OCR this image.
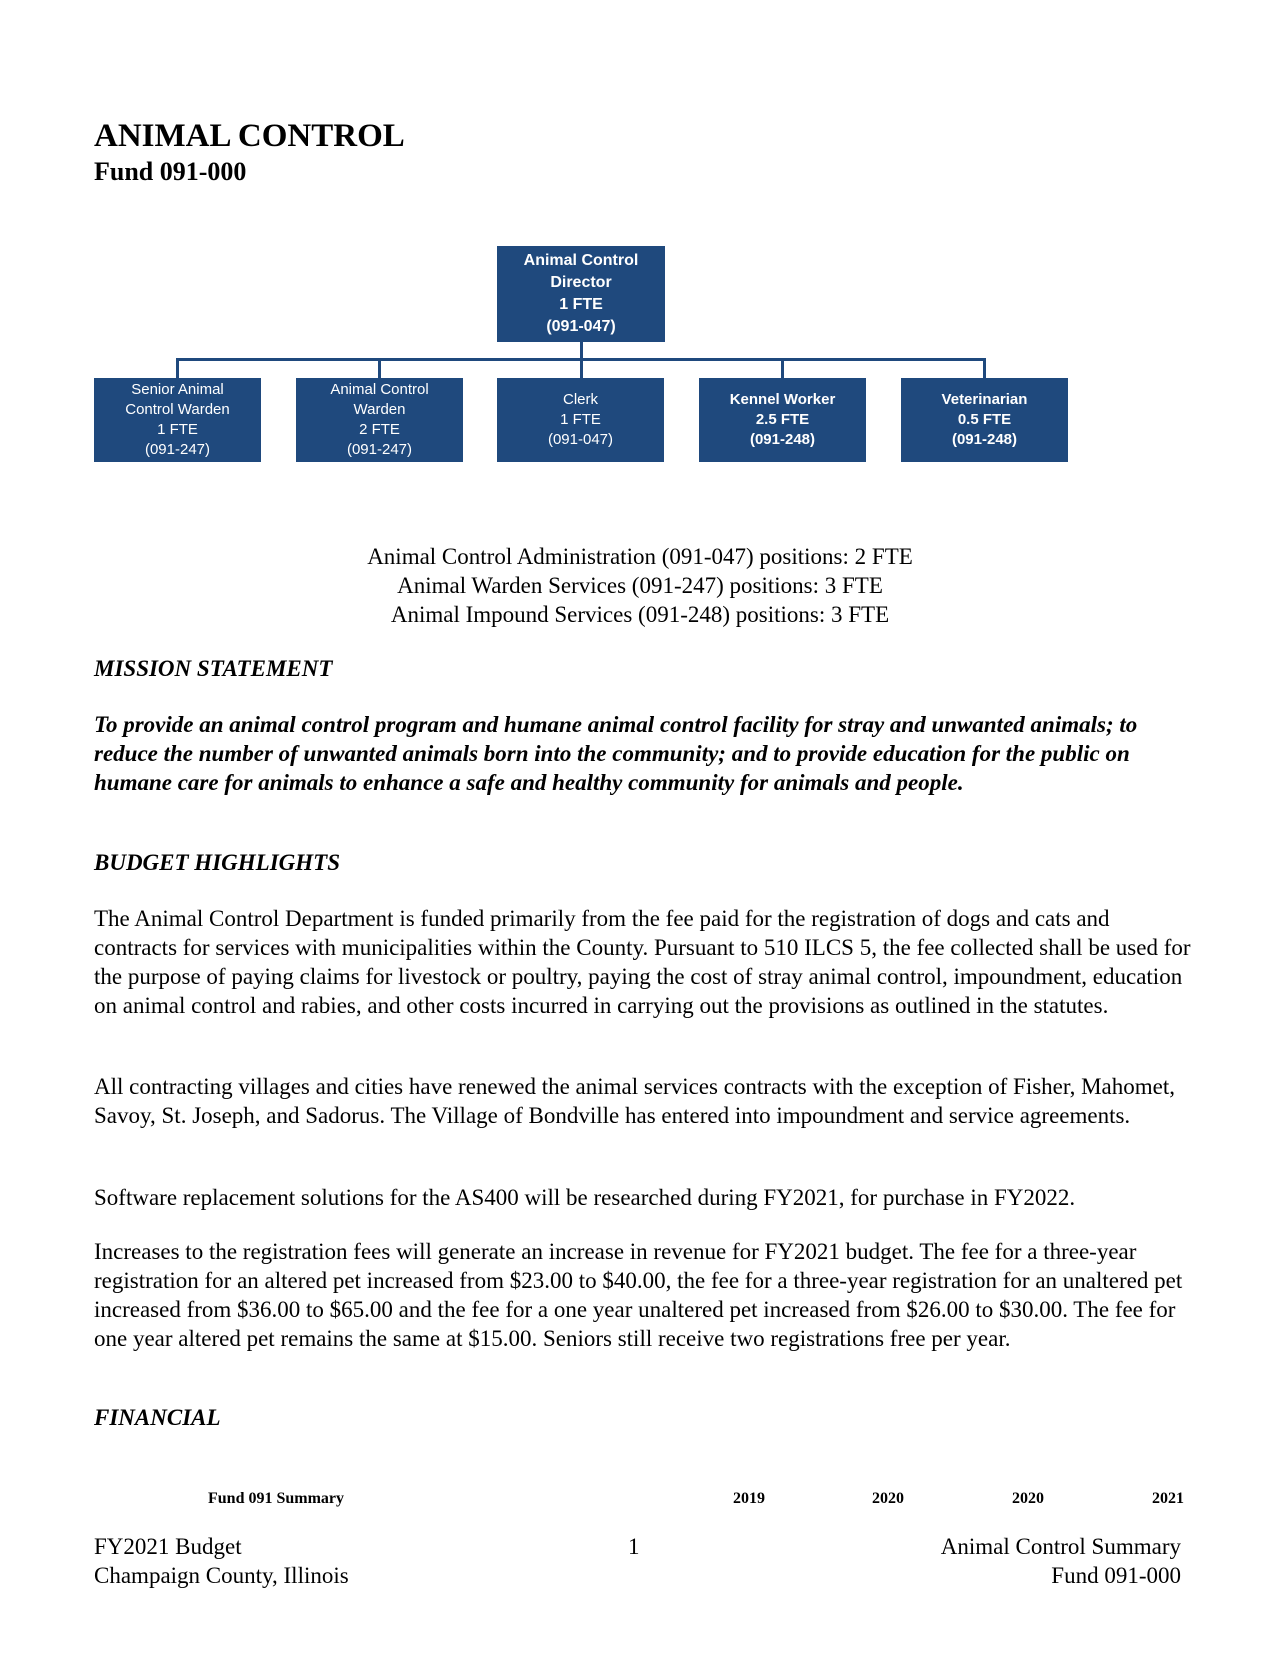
ANIMAL CONTROL
Fund 091-000
Animal Control
Director
1 FTE
(091-047)
Senior Animal
Control Warden
1 FTE
(091-247)
Animal Control
Warden
2 FTE
(091-247)
Clerk
1 FTE
(091-047)
Kennel Worker
2.5 FTE
(091-248)
Veterinarian
0.5 FTE
(091-248)
Animal Control Administration (091-047) positions: 2 FTE
Animal Warden Services (091-247) positions: 3 FTE
Animal Impound Services (091-248) positions: 3 FTE
MISSION STATEMENT

To provide an animal control program and humane animal control facility for stray and unwanted animals; to reduce the number of unwanted animals born into the community; and to provide education for the public on humane care for animals to enhance a safe and healthy community for animals and people.

BUDGET HIGHLIGHTS

The Animal Control Department is funded primarily from the fee paid for the registration of dogs and cats and contracts for services with municipalities within the County. Pursuant to 510 ILCS 5, the fee collected shall be used for the purpose of paying claims for livestock or poultry, paying the cost of stray animal control, impoundment, education on animal control and rabies, and other costs incurred in carrying out the provisions as outlined in the statutes.

All contracting villages and cities have renewed the animal services contracts with the exception of Fisher, Mahomet, Savoy, St. Joseph, and Sadorus. The Village of Bondville has entered into impoundment and service agreements.

Software replacement solutions for the AS400 will be researched during FY2021, for purchase in FY2022.

Increases to the registration fees will generate an increase in revenue for FY2021 budget. The fee for a three-year registration for an altered pet increased from $23.00 to $40.00, the fee for a three-year registration for an unaltered pet increased from $36.00 to $65.00 and the fee for a one year unaltered pet increased from $26.00 to $30.00. The fee for one year altered pet remains the same at $15.00. Seniors still receive two registrations free per year.

FINANCIAL
Fund 091 Summary	2019	2020	2020	2021
FY2021 Budget
Champaign County, Illinois
1	Animal Control Summary
Fund 091-000
